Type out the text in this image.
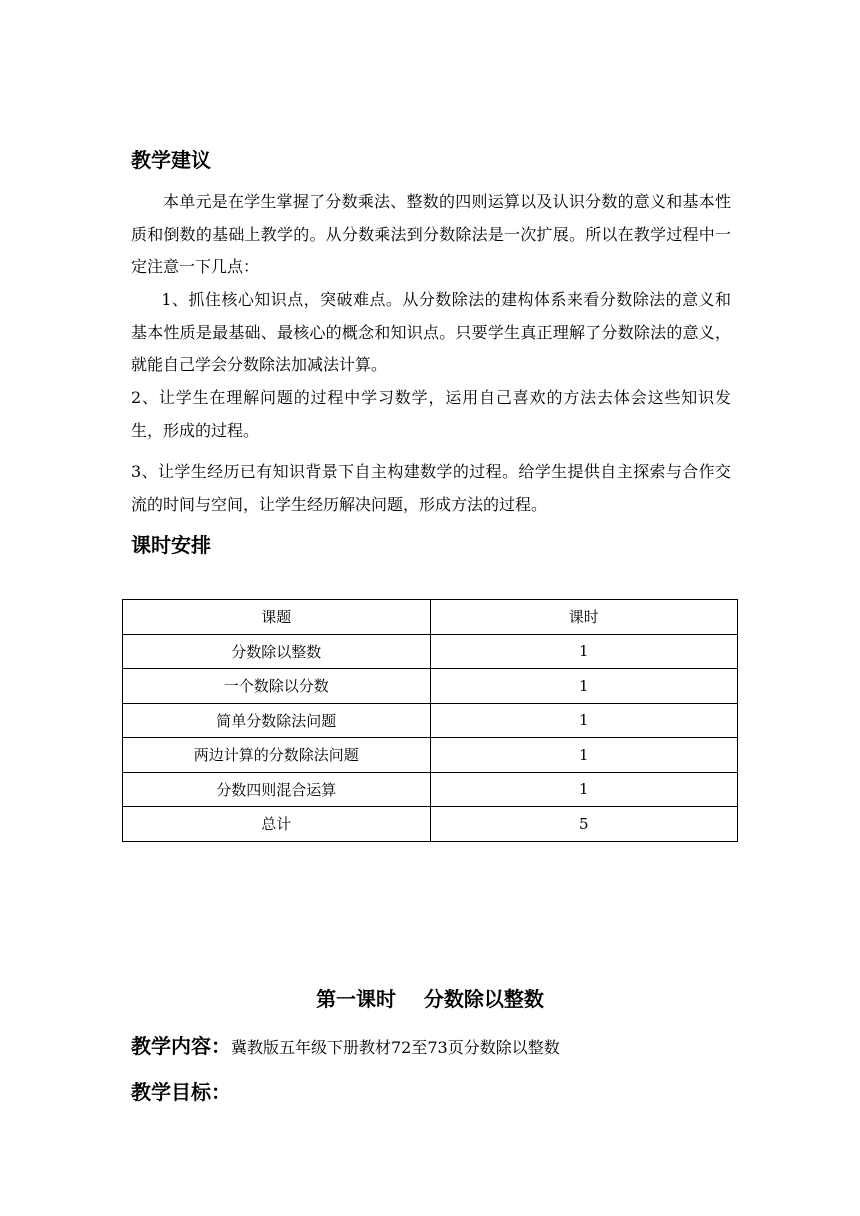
教学建议

本单元是在学生掌握了分数乘法、整数的四则运算以及认识分数的意义和基本性质和倒数的基础上教学的。从分数乘法到分数除法是一次扩展。所以在教学过程中一定注意一下几点：

1、抓住核心知识点，突破难点。从分数除法的建构体系来看分数除法的意义和基本性质是最基础、最核心的概念和知识点。只要学生真正理解了分数除法的意义，就能自己学会分数除法加减法计算。

2、让学生在理解问题的过程中学习数学，运用自己喜欢的方法去体会这些知识发生，形成的过程。

3、让学生经历已有知识背景下自主构建数学的过程。给学生提供自主探索与合作交流的时间与空间，让学生经历解决问题，形成方法的过程。

课时安排
课题	课时
分数除以整数	1
一个数除以分数	1
简单分数除法问题	1
两边计算的分数除法问题	1
分数四则混合运算	1
总计	5
第一课时    分数除以整数

教学内容：冀教版五年级下册教材72至73页分数除以整数

教学目标：
